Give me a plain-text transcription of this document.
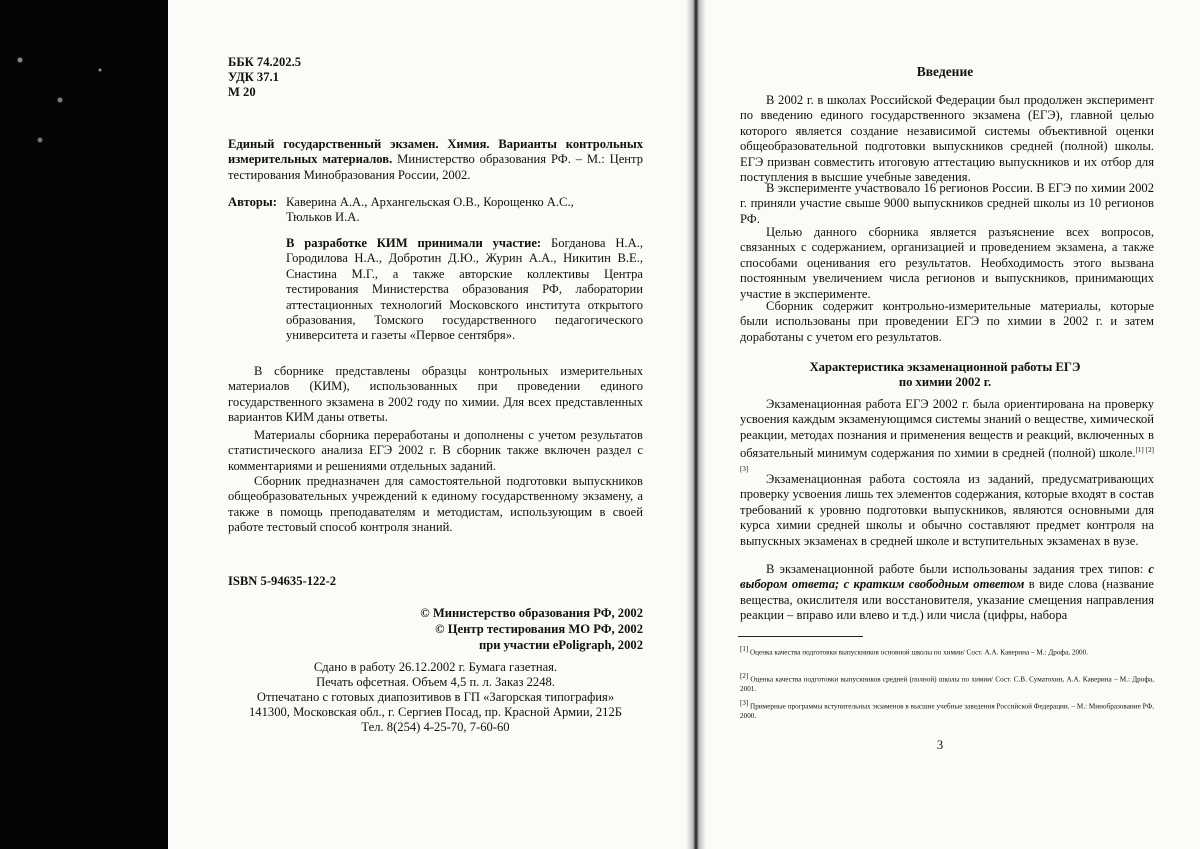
ББК 74.202.5

УДК 37.1

М 20

Единый государственный экзамен. Химия. Варианты контрольных измерительных материалов. Министерство образования РФ. – М.: Центр тестирования Минобразования России, 2002.

Авторы: Каверина А.А., Архангельская О.В., Корощенко А.С., Тюльков И.А.

В разработке КИМ принимали участие: Богданова Н.А., Городилова Н.А., Добротин Д.Ю., Журин А.А., Никитин В.Е., Снастина М.Г., а также авторские коллективы Центра тестирования Министерства образования РФ, лаборатории аттестационных технологий Московского института открытого образования, Томского государственного педагогического университета и газеты «Первое сентября».

В сборнике представлены образцы контрольных измерительных материалов (КИМ), использованных при проведении единого государственного экзамена в 2002 году по химии. Для всех представленных вариантов КИМ даны ответы.

Материалы сборника переработаны и дополнены с учетом результатов статистического анализа ЕГЭ 2002 г. В сборник также включен раздел с комментариями и решениями отдельных заданий.

Сборник предназначен для самостоятельной подготовки выпускников общеобразовательных учреждений к единому государственному экзамену, а также в помощь преподавателям и методистам, использующим в своей работе тестовый способ контроля знаний.

ISBN 5-94635-122-2

© Министерство образования РФ, 2002

© Центр тестирования МО РФ, 2002

при участии ePoligraph, 2002

Сдано в работу 26.12.2002 г. Бумага газетная.

Печать офсетная. Объем 4,5 п. л. Заказ 2248.

Отпечатано с готовых диапозитивов в ГП «Загорская типография»

141300, Московская обл., г. Сергиев Посад, пр. Красной Армии, 212Б

Тел. 8(254) 4-25-70, 7-60-60

Введение

В 2002 г. в школах Российской Федерации был продолжен эксперимент по введению единого государственного экзамена (ЕГЭ), главной целью которого является создание независимой системы объективной оценки общеобразовательной подготовки выпускников средней (полной) школы. ЕГЭ призван совместить итоговую аттестацию выпускников и их отбор для поступления в высшие учебные заведения.

В эксперименте участвовало 16 регионов России. В ЕГЭ по химии 2002 г. приняли участие свыше 9000 выпускников средней школы из 10 регионов РФ.

Целью данного сборника является разъяснение всех вопросов, связанных с содержанием, организацией и проведением экзамена, а также способами оценивания его результатов. Необходимость этого вызвана постоянным увеличением числа регионов и выпускников, принимающих участие в эксперименте.

Сборник содержит контрольно-измерительные материалы, которые были использованы при проведении ЕГЭ по химии в 2002 г. и затем доработаны с учетом его результатов.

Характеристика экзаменационной работы ЕГЭ

по химии 2002 г.

Экзаменационная работа ЕГЭ 2002 г. была ориентирована на проверку усвоения каждым экзаменующимся системы знаний о веществе, химической реакции, методах познания и применения веществ и реакций, включенных в обязательный минимум содержания по химии в средней (полной) школе.[1] [2] [3]

Экзаменационная работа состояла из заданий, предусматривающих проверку усвоения лишь тех элементов содержания, которые входят в состав требований к уровню подготовки выпускников, являются основными для курса химии средней школы и обычно составляют предмет контроля на выпускных экзаменах в средней школе и вступительных экзаменах в вузе.

В экзаменационной работе были использованы задания трех типов: с выбором ответа; с кратким свободным ответом в виде слова (название вещества, окислителя или восстановителя, указание смещения направления реакции – вправо или влево и т.д.) или числа (цифры, набора

[1] Оценка качества подготовки выпускников основной школы по химии/ Сост. А.А. Каверина – М.: Дрофа, 2000.

[2] Оценка качества подготовки выпускников средней (полной) школы по химии/ Сост. С.В. Суматохин, А.А. Каверина – М.: Дрофа, 2001.

[3] Примерные программы вступительных экзаменов в высшие учебные заведения Российской Федерации. – М.: Минобразование РФ, 2000.

3
